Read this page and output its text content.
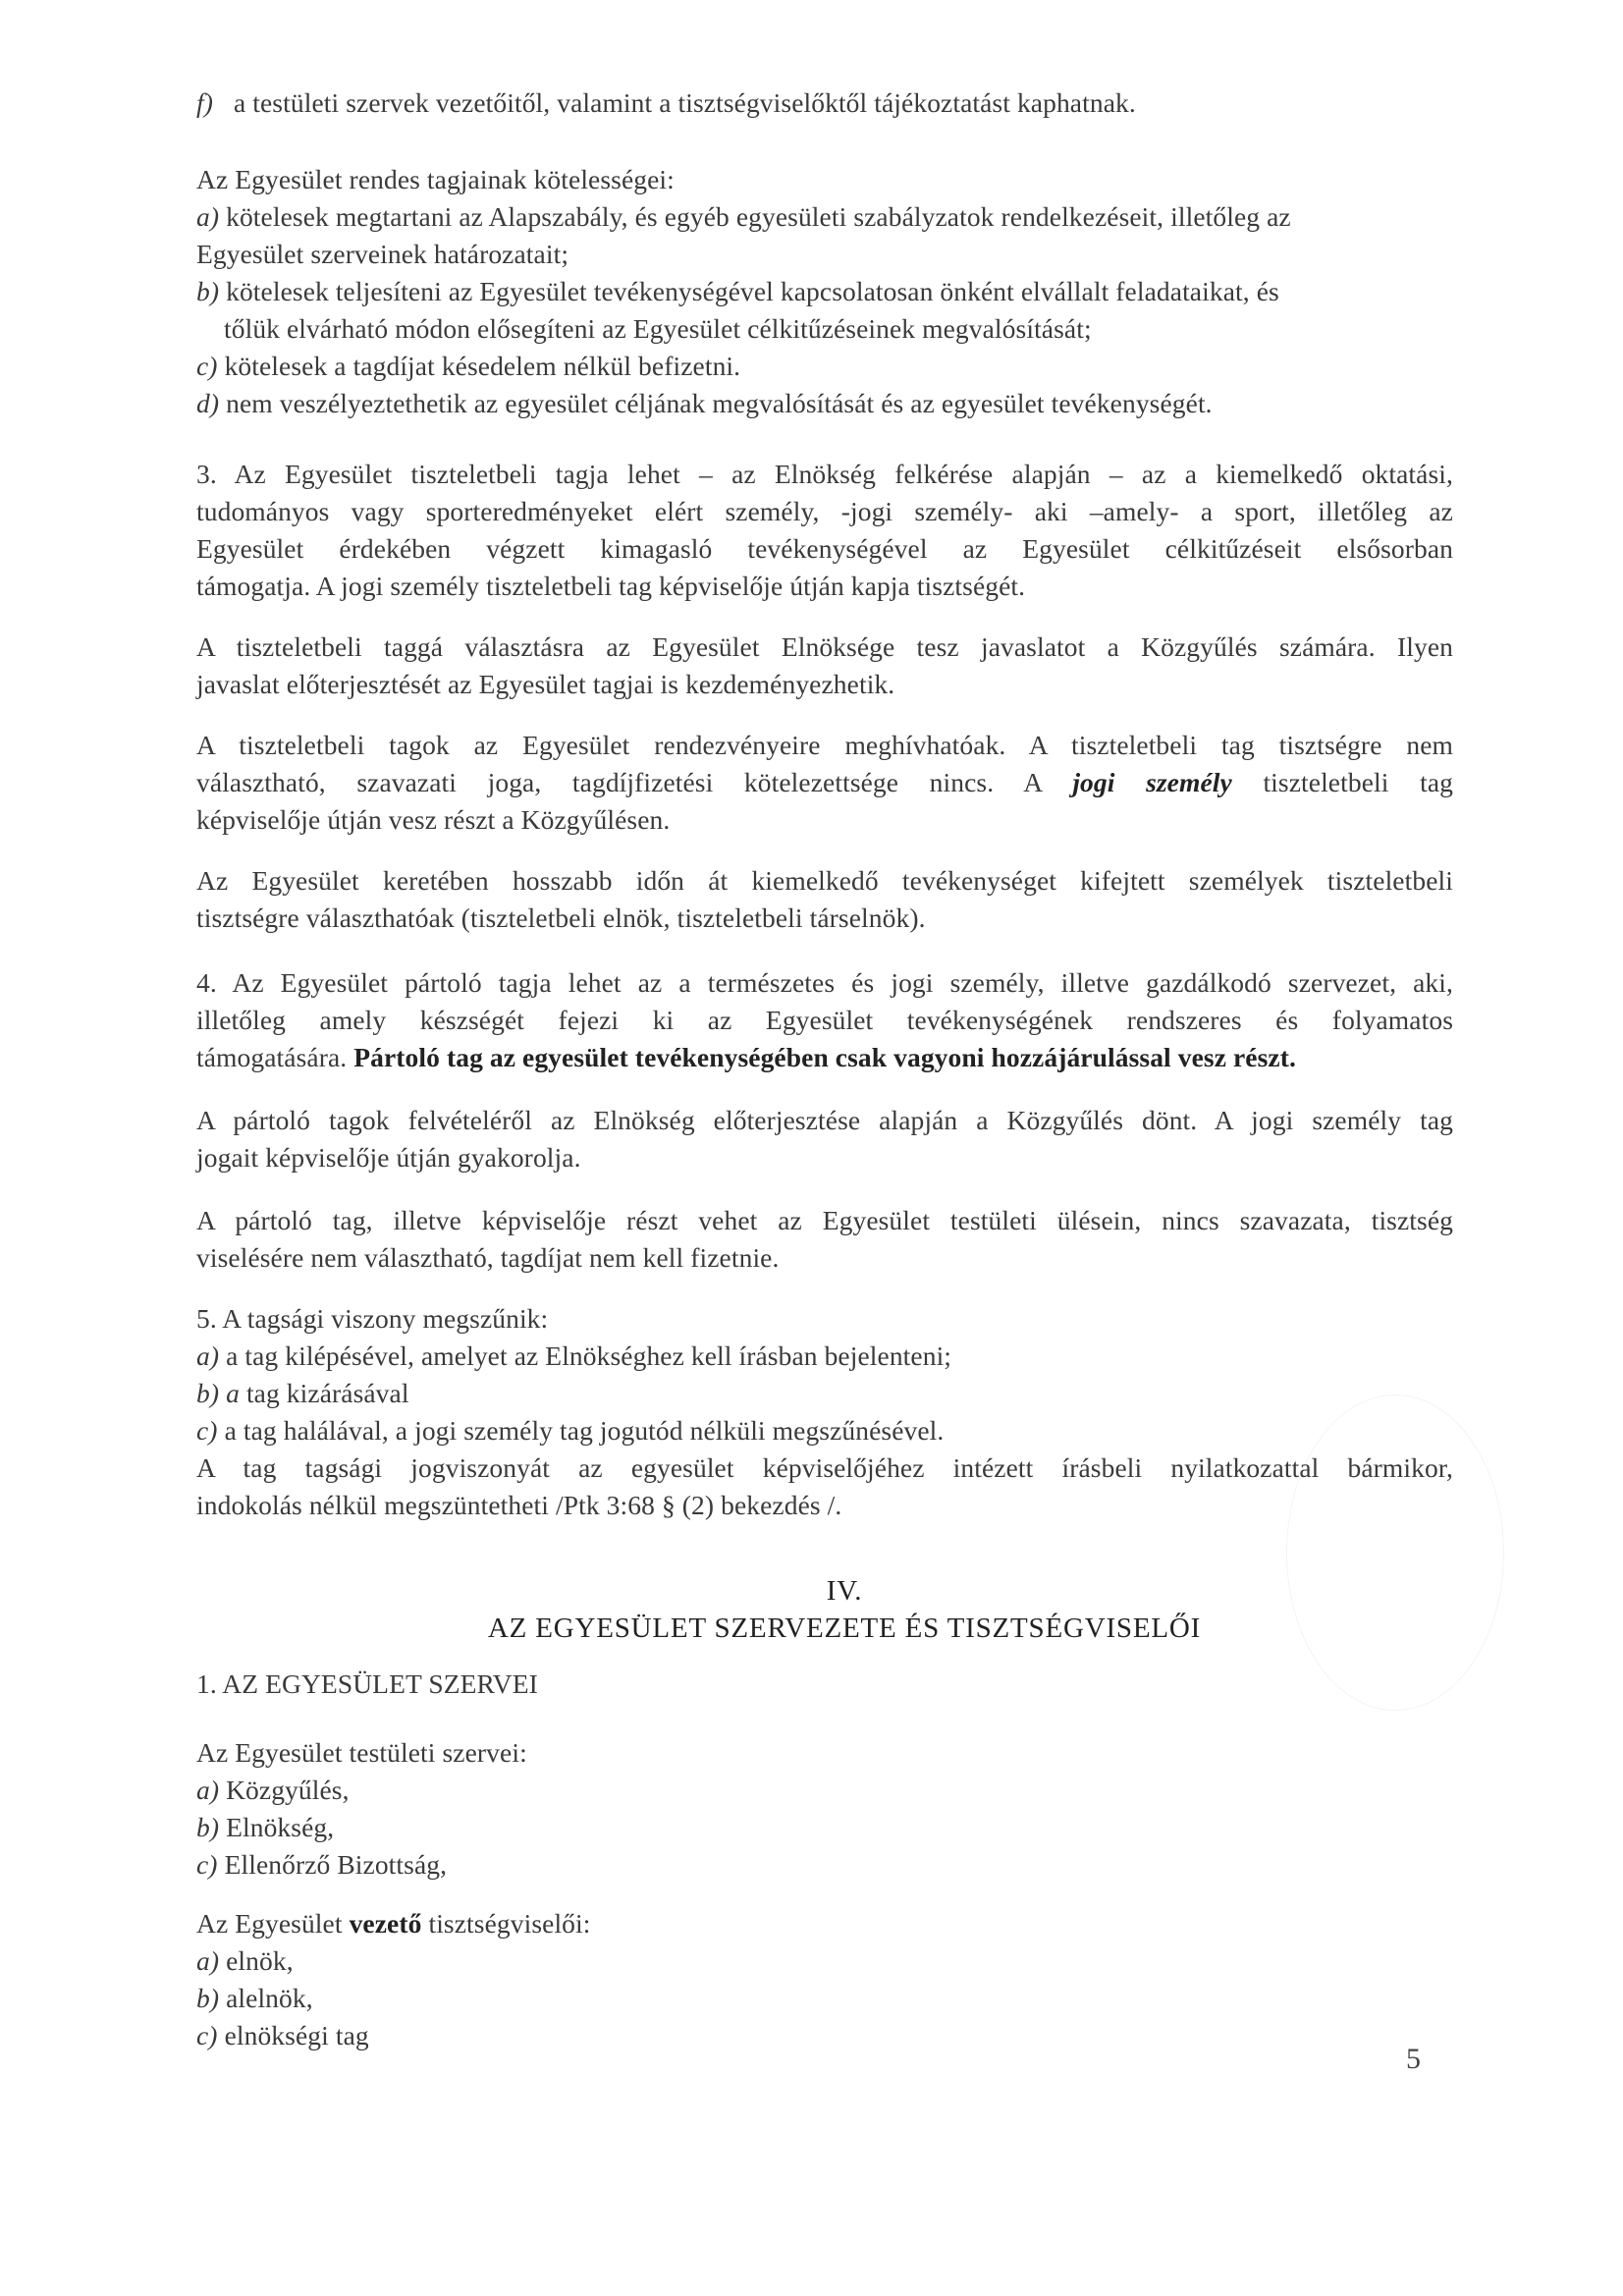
f) a testületi szervek vezetőitől, valamint a tisztségviselőktől tájékoztatást kaphatnak.
Az Egyesület rendes tagjainak kötelességei:
a) kötelesek megtartani az Alapszabály, és egyéb egyesületi szabályzatok rendelkezéseit, illetőleg az
Egyesület szerveinek határozatait;
b) kötelesek teljesíteni az Egyesület tevékenységével kapcsolatosan önként elvállalt feladataikat, és
tőlük elvárható módon elősegíteni az Egyesület célkitűzéseinek megvalósítását;
c) kötelesek a tagdíjat késedelem nélkül befizetni.
d) nem veszélyeztethetik az egyesület céljának megvalósítását és az egyesület tevékenységét.
3. Az Egyesület tiszteletbeli tagja lehet – az Elnökség felkérése alapján – az a kiemelkedő oktatási,
tudományos vagy sporteredményeket elért személy, -jogi személy- aki –amely- a sport, illetőleg az
Egyesület érdekében végzett kimagasló tevékenységével az Egyesület célkitűzéseit elsősorban
támogatja. A jogi személy tiszteletbeli tag képviselője útján kapja tisztségét.
A tiszteletbeli taggá választásra az Egyesület Elnöksége tesz javaslatot a Közgyűlés számára. Ilyen
javaslat előterjesztését az Egyesület tagjai is kezdeményezhetik.
A tiszteletbeli tagok az Egyesület rendezvényeire meghívhatóak. A tiszteletbeli tag tisztségre nem
választható, szavazati joga, tagdíjfizetési kötelezettsége nincs. A jogi személy tiszteletbeli tag
képviselője útján vesz részt a Közgyűlésen.
Az Egyesület keretében hosszabb időn át kiemelkedő tevékenységet kifejtett személyek tiszteletbeli
tisztségre választhatóak (tiszteletbeli elnök, tiszteletbeli társelnök).
4. Az Egyesület pártoló tagja lehet az a természetes és jogi személy, illetve gazdálkodó szervezet, aki,
illetőleg amely készségét fejezi ki az Egyesület tevékenységének rendszeres és folyamatos
támogatására. Pártoló tag az egyesület tevékenységében csak vagyoni hozzájárulással vesz részt.
A pártoló tagok felvételéről az Elnökség előterjesztése alapján a Közgyűlés dönt. A jogi személy tag
jogait képviselője útján gyakorolja.
A pártoló tag, illetve képviselője részt vehet az Egyesület testületi ülésein, nincs szavazata, tisztség
viselésére nem választható, tagdíjat nem kell fizetnie.
5. A tagsági viszony megszűnik:
a) a tag kilépésével, amelyet az Elnökséghez kell írásban bejelenteni;
b) a tag kizárásával
c) a tag halálával, a jogi személy tag jogutód nélküli megszűnésével.
A tag tagsági jogviszonyát az egyesület képviselőjéhez intézett írásbeli nyilatkozattal bármikor,
indokolás nélkül megszüntetheti /Ptk 3:68 § (2) bekezdés /.
IV.
AZ EGYESÜLET SZERVEZETE ÉS TISZTSÉGVISELŐI
1. AZ EGYESÜLET SZERVEI
Az Egyesület testületi szervei:
a) Közgyűlés,
b) Elnökség,
c) Ellenőrző Bizottság,
Az Egyesület vezető tisztségviselői:
a) elnök,
b) alelnök,
c) elnökségi tag
5
